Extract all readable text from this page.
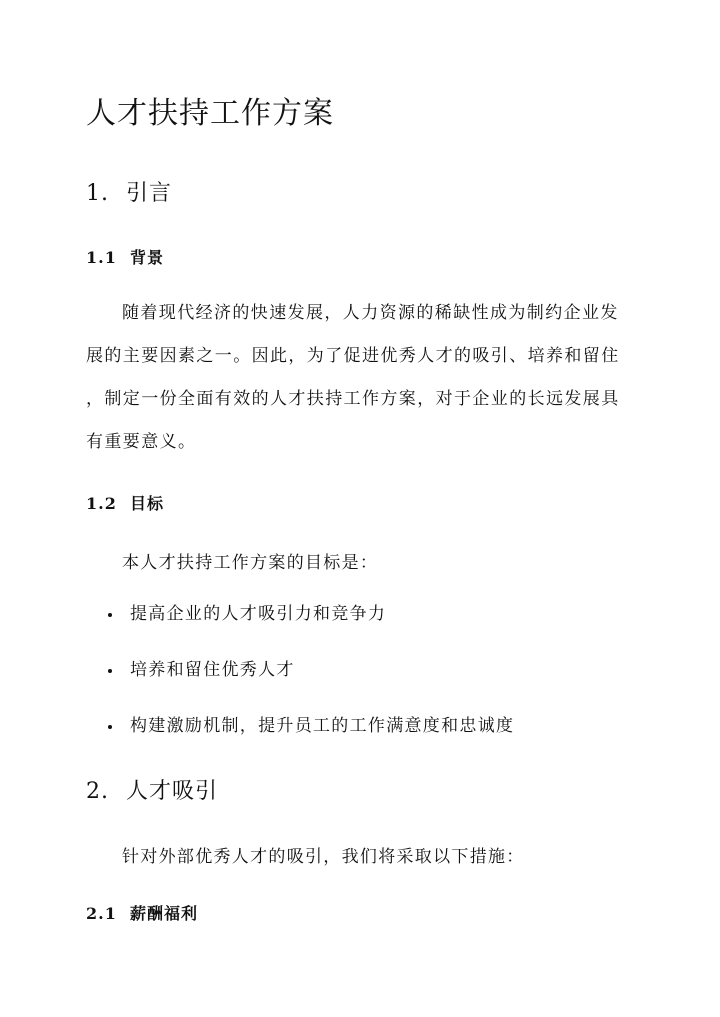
人才扶持工作方案
1. 引言
1.1 背景
随着现代经济的快速发展，人力资源的稀缺性成为制约企业发
展的主要因素之一。因此，为了促进优秀人才的吸引、培养和留住
，制定一份全面有效的人才扶持工作方案，对于企业的长远发展具
有重要意义。
1.2 目标
本人才扶持工作方案的目标是：
提高企业的人才吸引力和竞争力
培养和留住优秀人才
构建激励机制，提升员工的工作满意度和忠诚度
2. 人才吸引
针对外部优秀人才的吸引，我们将采取以下措施：
2.1 薪酬福利
